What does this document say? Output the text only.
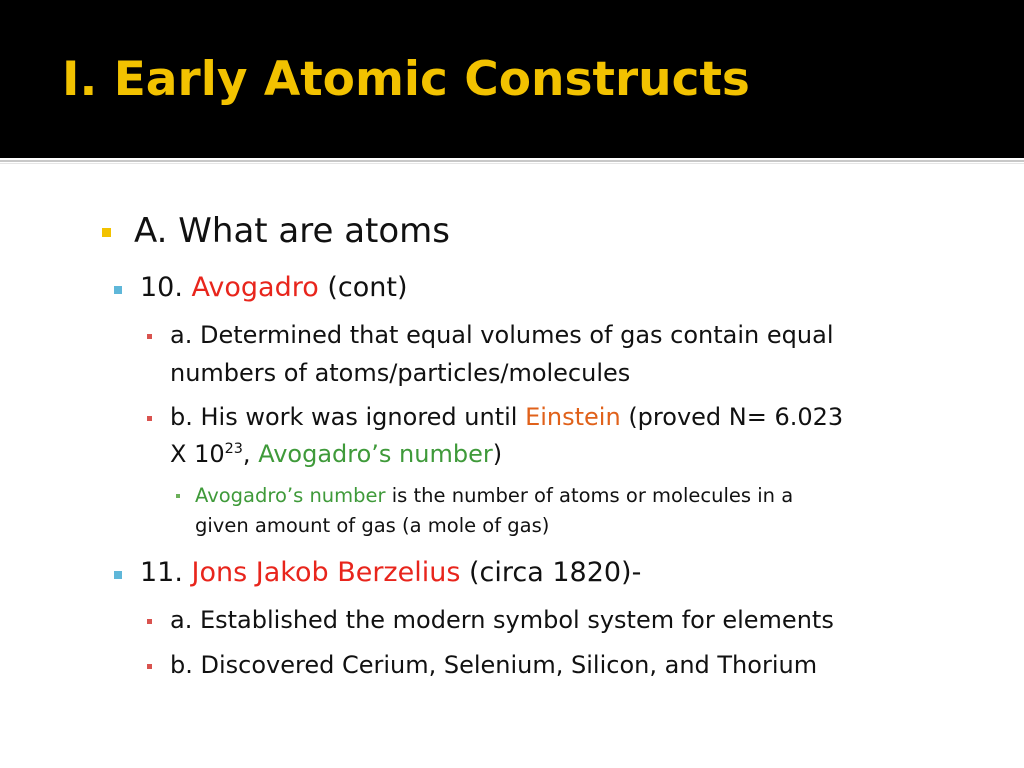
I. Early Atomic Constructs
A. What are atoms
10. Avogadro (cont)
a. Determined that equal volumes of gas contain equal
numbers of atoms/particles/molecules
b. His work was ignored until Einstein (proved N= 6.023
X $10^{23}$, Avogadro’s number)
Avogadro’s number is the number of atoms or molecules in a
given amount of gas (a mole of gas)
11. Jons Jakob Berzelius (circa 1820)-
a. Established the modern symbol system for elements
b. Discovered Cerium, Selenium, Silicon, and Thorium
